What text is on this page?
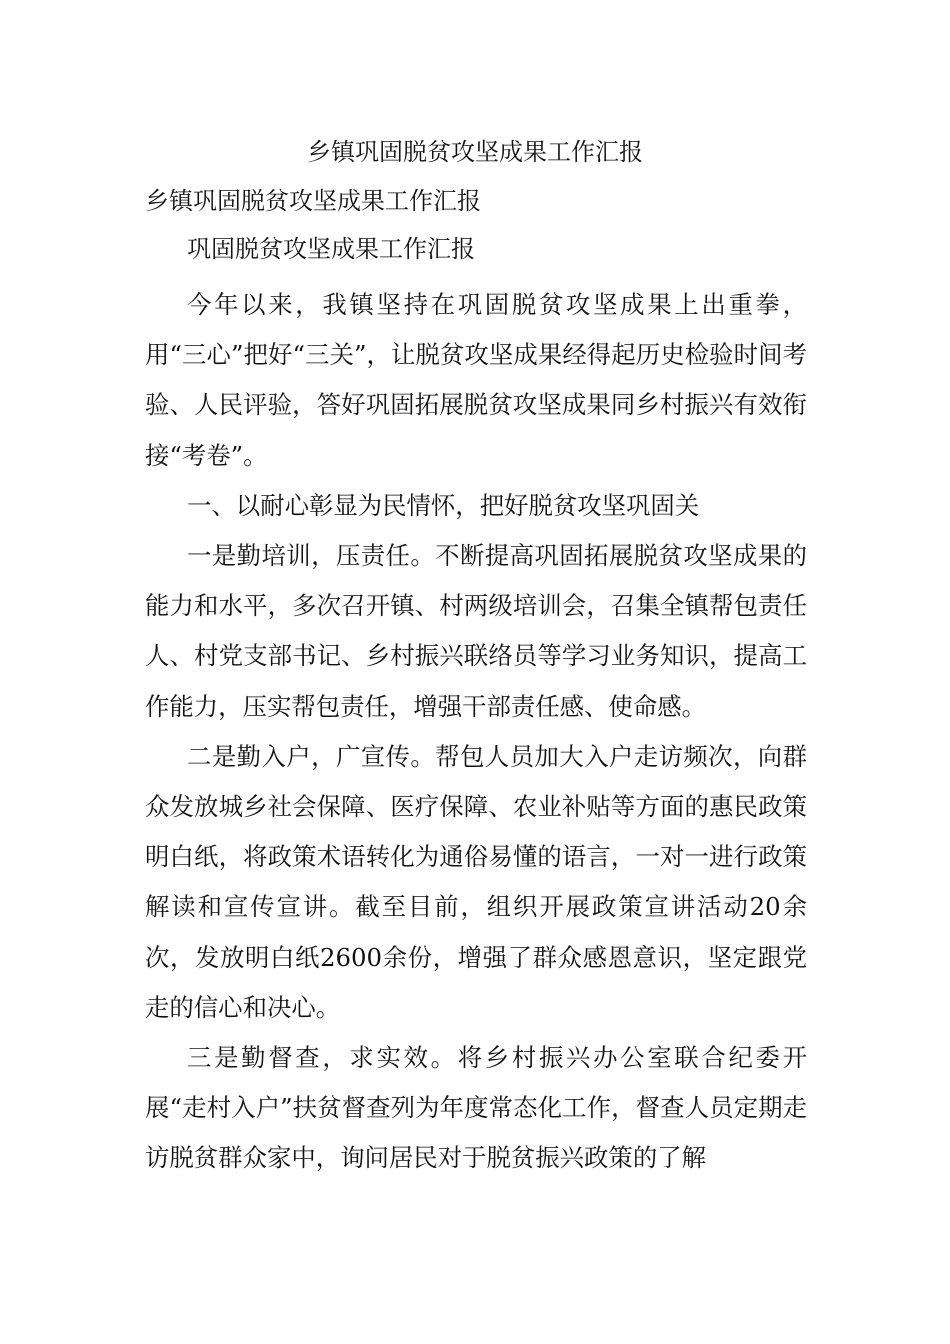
乡镇巩固脱贫攻坚成果工作汇报
乡镇巩固脱贫攻坚成果工作汇报
巩固脱贫攻坚成果工作汇报

今年以来，我镇坚持在巩固脱贫攻坚成果上出重拳，用“三心”把好“三关”，让脱贫攻坚成果经得起历史检验时间考验、人民评验，答好巩固拓展脱贫攻坚成果同乡村振兴有效衔接“考卷”。

一、以耐心彰显为民情怀，把好脱贫攻坚巩固关

一是勤培训，压责任。不断提高巩固拓展脱贫攻坚成果的能力和水平，多次召开镇、村两级培训会，召集全镇帮包责任人、村党支部书记、乡村振兴联络员等学习业务知识，提高工作能力，压实帮包责任，增强干部责任感、使命感。

二是勤入户，广宣传。帮包人员加大入户走访频次，向群众发放城乡社会保障、医疗保障、农业补贴等方面的惠民政策明白纸，将政策术语转化为通俗易懂的语言，一对一进行政策解读和宣传宣讲。截至目前，组织开展政策宣讲活动20余次，发放明白纸2600余份，增强了群众感恩意识，坚定跟党走的信心和决心。

三是勤督查，求实效。将乡村振兴办公室联合纪委开展“走村入户”扶贫督查列为年度常态化工作，督查人员定期走访脱贫群众家中，询问居民对于脱贫振兴政策的了解
